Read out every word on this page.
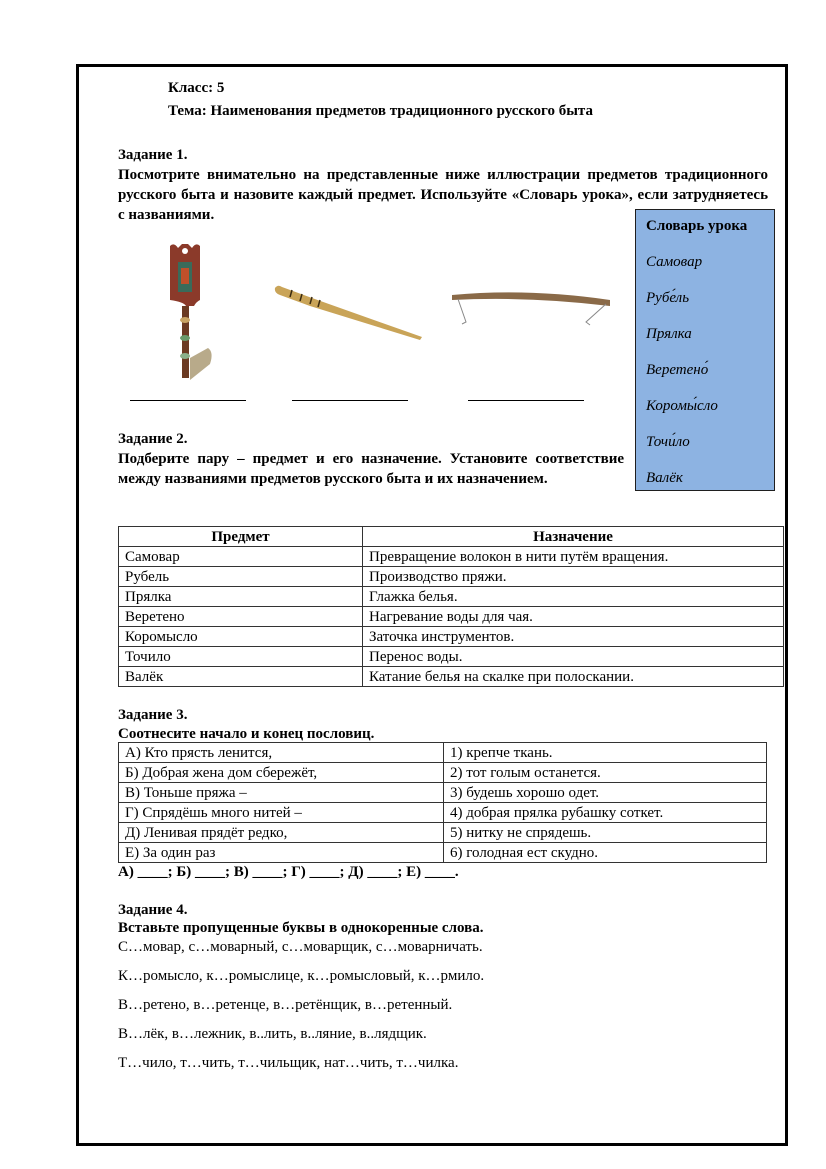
Класс: 5
Тема: Наименования предметов традиционного русского быта
Задание 1.
Посмотрите внимательно на представленные ниже иллюстрации предметов традиционного русского быта и назовите каждый предмет. Используйте «Словарь урока», если затрудняетесь с названиями.
Словарь урока
Самовар
Рубе́ль
Прялка
Веретено́
Коромы́сло
Точи́ло
Валёк
Задание 2.
Подберите пару – предмет и его назначение. Установите соответствие между названиями предметов русского быта и их назначением.
Предмет	Назначение
Самовар	Превращение волокон в нити путём вращения.
Рубель	Производство пряжи.
Прялка	Глажка белья.
Веретено	Нагревание воды для чая.
Коромысло	Заточка инструментов.
Точило	Перенос воды.
Валёк	Катание белья на скалке при полоскании.
Задание 3.
Соотнесите начало и конец пословиц.
А) Кто прясть ленится,	1) крепче ткань.
Б) Добрая жена дом сбережёт,	2) тот голым останется.
В) Тоньше пряжа –	3) будешь хорошо одет.
Г) Спрядёшь много нитей –	4) добрая прялка рубашку соткет.
Д) Ленивая прядёт редко,	5) нитку не спрядешь.
Е) За один раз	6) голодная ест скудно.
А) ____; Б) ____; В) ____; Г) ____; Д) ____; Е) ____.
Задание 4.
Вставьте пропущенные буквы в однокоренные слова.
С…мовар, с…моварный, с…моварщик, с…моварничать.
К…ромысло, к…ромыслице, к…ромысловый, к…рмило.
В…ретено, в…ретенце, в…ретёнщик, в…ретенный.
В…лёк, в…лежник, в..лить, в..ляние, в..лядщик.
Т…чило, т…чить, т…чильщик, нат…чить, т…чилка.
